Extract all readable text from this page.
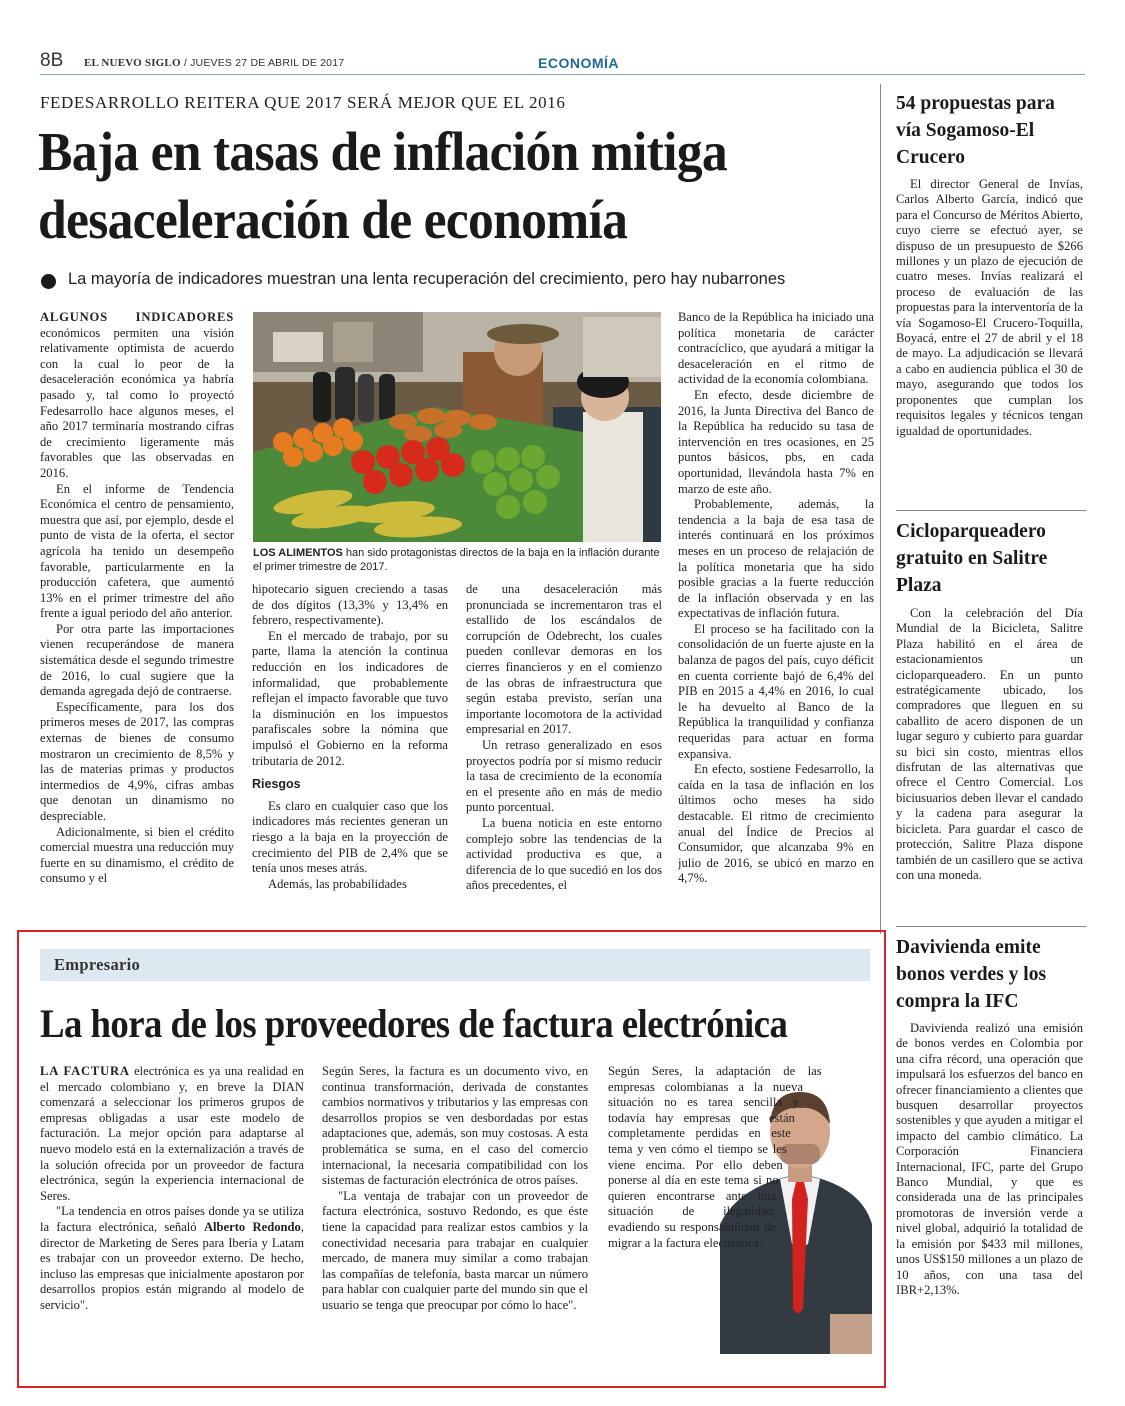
8B EL NUEVO SIGLO / JUEVES 27 DE ABRIL DE 2017	ECONOMÍA
FEDESARROLLO REITERA QUE 2017 SERÁ MEJOR QUE EL 2016
Baja en tasas de inflación mitiga
desaceleración de economía
La mayoría de indicadores muestran una lenta recuperación del crecimiento, pero hay nubarrones

ALGUNOS INDICADORES económicos permiten una visión relativamente optimista de acuerdo con la cual lo peor de la desaceleración económica ya habría pasado y, tal como lo proyectó Fedesarrollo hace algunos meses, el año 2017 terminaría mostrando cifras de crecimiento ligeramente más favorables que las observadas en 2016.

En el informe de Tendencia Económica el centro de pensamiento, muestra que así, por ejemplo, desde el punto de vista de la oferta, el sector agrícola ha tenido un desempeño favorable, particularmente en la producción cafetera, que aumentó 13% en el primer trimestre del año frente a igual periodo del año anterior.

Por otra parte las importaciones vienen recuperándose de manera sistemática desde el segundo trimestre de 2016, lo cual sugiere que la demanda agregada dejó de contraerse.

Específicamente, para los dos primeros meses de 2017, las compras externas de bienes de consumo mostraron un crecimiento de 8,5% y las de materias primas y productos intermedios de 4,9%, cifras ambas que denotan un dinamismo no despreciable.

Adicionalmente, si bien el crédito comercial muestra una reducción muy fuerte en su dinamismo, el crédito de consumo y el

LOS ALIMENTOS han sido protagonistas directos de la baja en la inflación durante el primer trimestre de 2017.

hipotecario siguen creciendo a tasas de dos dígitos (13,3% y 13,4% en febrero, respectivamente).

En el mercado de trabajo, por su parte, llama la atención la continua reducción en los indicadores de informalidad, que probablemente reflejan el impacto favorable que tuvo la disminución en los impuestos parafiscales sobre la nómina que impulsó el Gobierno en la reforma tributaria de 2012.

Riesgos

Es claro en cualquier caso que los indicadores más recientes generan un riesgo a la baja en la proyección de crecimiento del PIB de 2,4% que se tenía unos meses atrás.

Además, las probabilidades

de una desaceleración más pronunciada se incrementaron tras el estallido de los escándalos de corrupción de Odebrecht, los cuales pueden conllevar demoras en los cierres financieros y en el comienzo de las obras de infraestructura que según estaba previsto, serían una importante locomotora de la actividad empresarial en 2017.

Un retraso generalizado en esos proyectos podría por sí mismo reducir la tasa de crecimiento de la economía en el presente año en más de medio punto porcentual.

La buena noticia en este entorno complejo sobre las tendencias de la actividad productiva es que, a diferencia de lo que sucedió en los dos años precedentes, el

Banco de la República ha iniciado una política monetaria de carácter contracíclico, que ayudará a mitigar la desaceleración en el ritmo de actividad de la economía colombiana.

En efecto, desde diciembre de 2016, la Junta Directiva del Banco de la República ha reducido su tasa de intervención en tres ocasiones, en 25 puntos básicos, pbs, en cada oportunidad, llevándola hasta 7% en marzo de este año.

Probablemente, además, la tendencia a la baja de esa tasa de interés continuará en los próximos meses en un proceso de relajación de la política monetaria que ha sido posible gracias a la fuerte reducción de la inflación observada y en las expectativas de inflación futura.

El proceso se ha facilitado con la consolidación de un fuerte ajuste en la balanza de pagos del país, cuyo déficit en cuenta corriente bajó de 6,4% del PIB en 2015 a 4,4% en 2016, lo cual le ha devuelto al Banco de la República la tranquilidad y confianza requeridas para actuar en forma expansiva.

En efecto, sostiene Fedesarrollo, la caída en la tasa de inflación en los últimos ocho meses ha sido destacable. El ritmo de crecimiento anual del Índice de Precios al Consumidor, que alcanzaba 9% en julio de 2016, se ubicó en marzo en 4,7%.

54 propuestas para vía Sogamoso-El Crucero

El director General de Invías, Carlos Alberto García, indicó que para el Concurso de Méritos Abierto, cuyo cierre se efectuó ayer, se dispuso de un presupuesto de $266 millones y un plazo de ejecución de cuatro meses. Invías realizará el proceso de evaluación de las propuestas para la interventoría de la vía Sogamoso-El Crucero-Toquilla, Boyacá, entre el 27 de abril y el 18 de mayo. La adjudicación se llevará a cabo en audiencia pública el 30 de mayo, asegurando que todos los proponentes que cumplan los requisitos legales y técnicos tengan igualdad de oportunidades.

Cicloparqueadero gratuito en Salitre Plaza

Con la celebración del Día Mundial de la Bicicleta, Salitre Plaza habilitó en el área de estacionamientos un cicloparqueadero. En un punto estratégicamente ubicado, los compradores que lleguen en su caballito de acero disponen de un lugar seguro y cubierto para guardar su bici sin costo, mientras ellos disfrutan de las alternativas que ofrece el Centro Comercial. Los biciusuarios deben llevar el candado y la cadena para asegurar la bicicleta. Para guardar el casco de protección, Salitre Plaza dispone también de un casillero que se activa con una moneda.

Davivienda emite bonos verdes y los compra la IFC

Davivienda realizó una emisión de bonos verdes en Colombia por una cifra récord, una operación que impulsará los esfuerzos del banco en ofrecer financiamiento a clientes que busquen desarrollar proyectos sostenibles y que ayuden a mitigar el impacto del cambio climático. La Corporación Financiera Internacional, IFC, parte del Grupo Banco Mundial, y que es considerada una de las principales promotoras de inversión verde a nivel global, adquirió la totalidad de la emisión por $433 mil millones, unos US$150 millones a un plazo de 10 años, con una tasa del IBR+2,13%.

Empresario
La hora de los proveedores de factura electrónica

LA FACTURA electrónica es ya una realidad en el mercado colombiano y, en breve la DIAN comenzará a seleccionar los primeros grupos de empresas obligadas a usar este modelo de facturación. La mejor opción para adaptarse al nuevo modelo está en la externalización a través de la solución ofrecida por un proveedor de factura electrónica, según la experiencia internacional de Seres.

"La tendencia en otros países donde ya se utiliza la factura electrónica, señaló Alberto Redondo, director de Marketing de Seres para Iberia y Latam es trabajar con un proveedor externo. De hecho, incluso las empresas que inicialmente apostaron por desarrollos propios están migrando al modelo de servicio".

Según Seres, la factura es un documento vivo, en continua transformación, derivada de constantes cambios normativos y tributarios y las empresas con desarrollos propios se ven desbordadas por estas adaptaciones que, además, son muy costosas. A esta problemática se suma, en el caso del comercio internacional, la necesaria compatibilidad con los sistemas de facturación electrónica de otros países.

"La ventaja de trabajar con un proveedor de factura electrónica, sostuvo Redondo, es que éste tiene la capacidad para realizar estos cambios y la conectividad necesaria para trabajar en cualquier mercado, de manera muy similar a como trabajan las compañías de telefonía, basta marcar un número para hablar con cualquier parte del mundo sin que el usuario se tenga que preocupar por cómo lo hace".

Según Seres, la adaptación de las empresas colombianas a la nueva situación no es tarea sencilla y todavía hay empresas que están completamente perdidas en este tema y ven cómo el tiempo se les viene encima. Por ello deben ponerse al día en este tema si no quieren encontrarse ante una situación de ilegalidad, evadiendo su responsabilidad de migrar a la factura electrónica.
